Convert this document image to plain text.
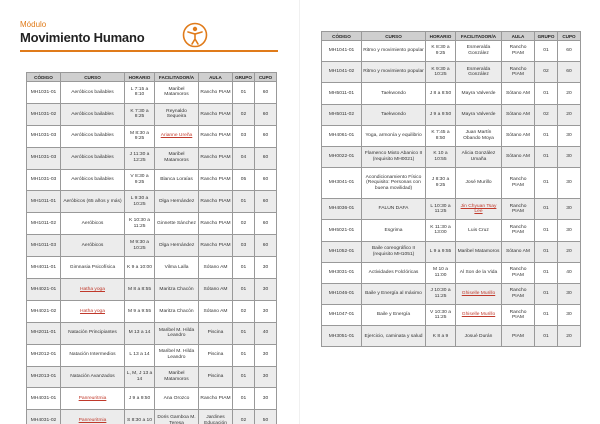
Módulo
Movimiento Humano
CÓDIGO	CURSO	HORARIO	FACILITADOR/A	AULA	GRUPO	CUPO
MH1031-01	Aeróbicos bailables	L 7:15 a 8:10	Maribel Matamoros	Rancho PIAM	01	60
MH1031-02	Aeróbicos bailables	K 7:30 a 8:25	Reynaldo Sequeira	Rancho PIAM	02	60
MH1031-03	Aeróbicos bailables	M 8:30 a 9:25	Arianne Ureña	Rancho PIAM	03	60
MH1031-03	Aeróbicos bailables	J 11:30 a 12:25	Maribel Matamoros	Rancho PIAM	04	60
MH1031-03	Aeróbicos bailables	V 8:30 a 9:25	Blanca Loraías	Rancho PIAM	05	60
MH1011-01	Aeróbicos (65 años y más)	L 9:30 a 10:25	Olga Hernández	Rancho PIAM	01	60
MH1011-02	Aeróbicos	K 10:30 a 11:25	Ginnette Sánchez	Rancho PIAM	02	60
MH1011-03	Aeróbicos	M 9:30 a 10:25	Olga Hernández	Rancho PIAM	03	60
MH4011-01	Gimnasia Psicofísica	K 9 a 10:00	Vilma Lalla	Sótano AM	01	30
MH4021-01	Hatha yoga	M 8 a 8:55	Maritza Chacón	Sótano AM	01	30
MH4021-02	Hatha yoga	M 9 a 9:55	Maritza Chacón	Sótano AM	02	30
MH2011-01	Natación Principiantes	M 13 a 14	Maribel M. Hilda Leandro	Piscina	01	40
MH2012-01	Natación Intermedios	L 13 a 14	Maribel M. Hilda Leandro	Piscina	01	30
MH2013-01	Natación Avanzados	L, M, J 13 a 14	Maribel Matamoros	Piscina	01	30
MH4031-01	Panreuritmia	J 9 a 9:50	Ana Orozco	Rancho PIAM	01	30
MH4031-02	Panreuritmia	S 8:30 a 10	Doris Gamboa M. Teresa	Jardines Educación	02	50
CÓDIGO	CURSO	HORARIO	FACILITADOR/A	AULA	GRUPO	CUPO
MH1041-01	Ritmo y movimiento popular	K 8:30 a 9:25	Esmeralda González	Rancho PIAM	01	60
MH1041-02	Ritmo y movimiento popular	K 9:30 a 10:25	Esmeralda González	Rancho PIAM	02	60
MH5011-01	Taekwondo	J 8 a 8:50	Mayra Valverde	Sótano AM	01	20
MH5011-02	Taekwondo	J 9 a 9:50	Mayra Valverde	Sótano AM	02	20
MH4061-01	Yoga, armonía y equilibrio	K 7:45 a 8:50	Juan Martín Obando Moya	Sótano AM	01	30
MH0022-01	Flamenco Mixto Abanico II (requisito MH0021)	K 10 a 10:55	Alicia González Umaña	Sótano AM	01	30
MH3041-01	Acondicionamiento Físico (Requisito: Personas con buena movilidad)	J 8:30 a 9:25	José Murillo	Rancho PIAM	01	30
MH4036-01	FALUN DAFA	L 10:30 a 11:25	Jin Chyuan Tsay Lee	Rancho PIAM	01	30
MH5021-01	Esgrima	K 11:30 a 13:00	Luis Cruz	Rancho PIAM	01	30
MH1052-01	Baile coreográfico II (requisito MH1051)	L 9 a 9:55	Maribel Matamoros	Sótano AM	01	20
MH3031-01	Actividades Folclóricas	M 10 a 11:00	Al Son de la Vida	Rancho PIAM	01	40
MH1046-01	Baile y Energía al máximo	J 10:30 a 11:25	Ghiselle Murillo	Rancho PIAM	01	30
MH1047-01	Baile y Energía	V 10:30 a 11:25	Ghiselle Murillo	Rancho PIAM	01	30
MH3051-01	Ejercicio, caminata y salud	K 8 a 9	Josué Durán	PIAM	01	20
